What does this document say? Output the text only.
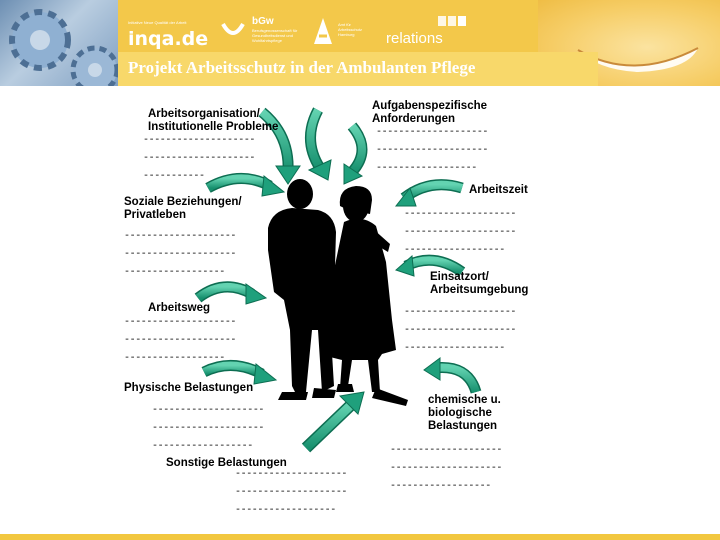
inqa.de
Initiative Neue Qualität der Arbeit	bGw
Berufsgenossenschaft für Gesundheitsdienst und Wohlfahrtspflege
Amt für Arbeitsschutz Hamburg	relations
Projekt Arbeitsschutz in der Ambulanten Pflege
Arbeitsorganisation/
Institutionelle Probleme
--------------------
--------------------
-----------
Aufgabenspezifische
Anforderungen
--------------------
--------------------
------------------
Arbeitszeit
--------------------
--------------------
------------------
Soziale Beziehungen/
Privatleben
--------------------
--------------------
------------------	Einsatzort/
Arbeitsumgebung
--------------------
--------------------
------------------
Arbeitsweg
--------------------
--------------------
------------------
Physische Belastungen
--------------------
--------------------
------------------
chemische u.
biologische
Belastungen
--------------------
--------------------
------------------
Sonstige Belastungen
--------------------
--------------------
------------------
